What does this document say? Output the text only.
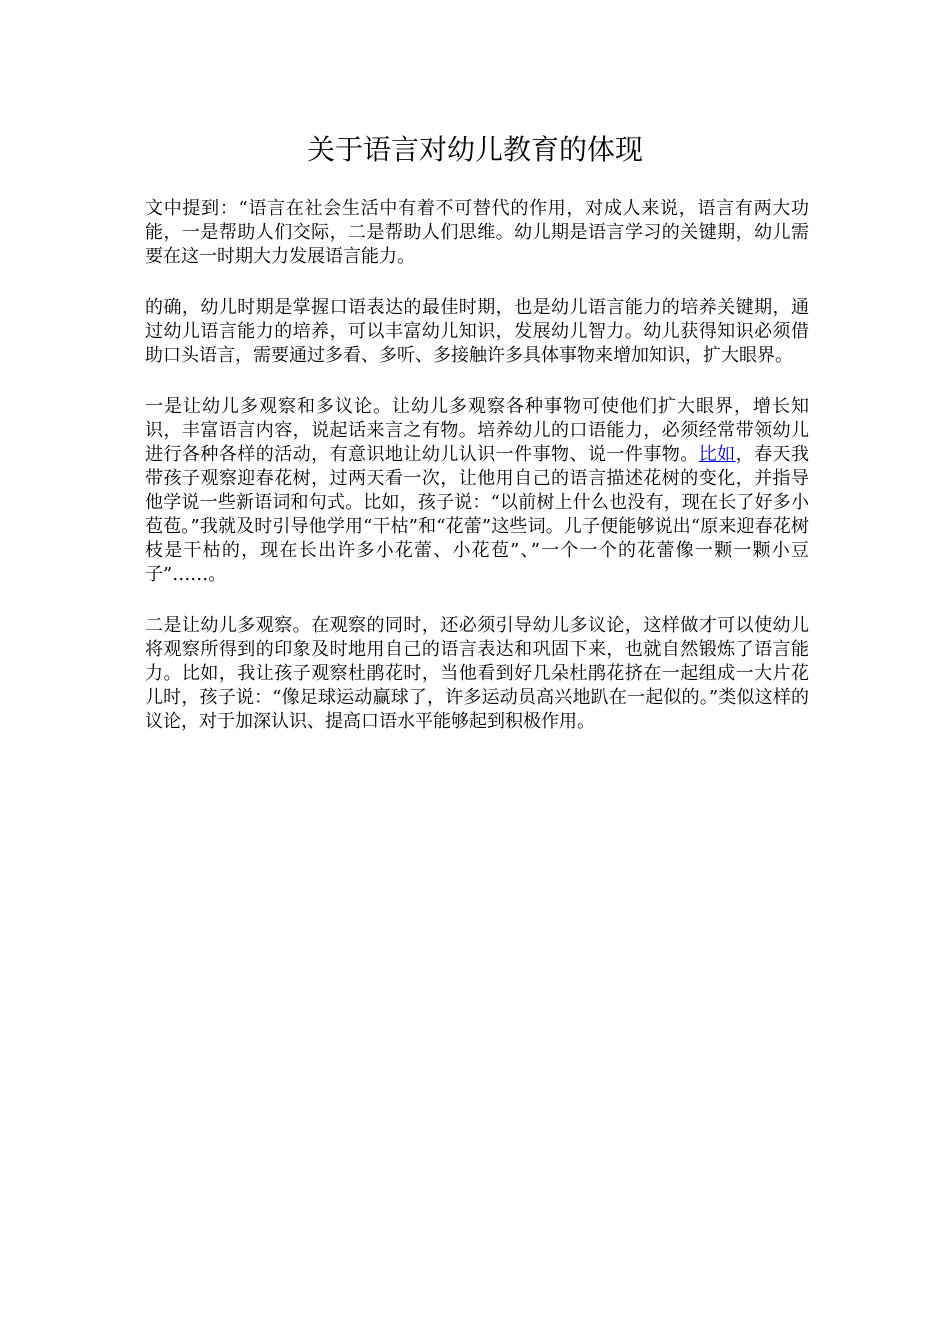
关于语言对幼儿教育的体现

文中提到：“语言在社会生活中有着不可替代的作用，对成人来说，语言有两大功能，一是帮助人们交际，二是帮助人们思维。幼儿期是语言学习的关键期，幼儿需要在这一时期大力发展语言能力。

的确，幼儿时期是掌握口语表达的最佳时期，也是幼儿语言能力的培养关键期，通过幼儿语言能力的培养，可以丰富幼儿知识，发展幼儿智力。幼儿获得知识必须借助口头语言，需要通过多看、多听、多接触许多具体事物来增加知识，扩大眼界。

一是让幼儿多观察和多议论。让幼儿多观察各种事物可使他们扩大眼界，增长知识，丰富语言内容，说起话来言之有物。培养幼儿的口语能力，必须经常带领幼儿进行各种各样的活动，有意识地让幼儿认识一件事物、说一件事物。比如，春天我带孩子观察迎春花树，过两天看一次，让他用自己的语言描述花树的变化，并指导他学说一些新语词和句式。比如，孩子说：“以前树上什么也没有，现在长了好多小苞苞。”我就及时引导他学用“干枯”和“花蕾”这些词。儿子便能够说出“原来迎春花树枝是干枯的，现在长出许多小花蕾、小花苞”、”一个一个的花蕾像一颗一颗小豆子”……。

二是让幼儿多观察。在观察的同时，还必须引导幼儿多议论，这样做才可以使幼儿将观察所得到的印象及时地用自己的语言表达和巩固下来，也就自然锻炼了语言能力。比如，我让孩子观察杜鹃花时，当他看到好几朵杜鹃花挤在一起组成一大片花儿时，孩子说：“像足球运动赢球了，许多运动员高兴地趴在一起似的。”类似这样的议论，对于加深认识、提高口语水平能够起到积极作用。
